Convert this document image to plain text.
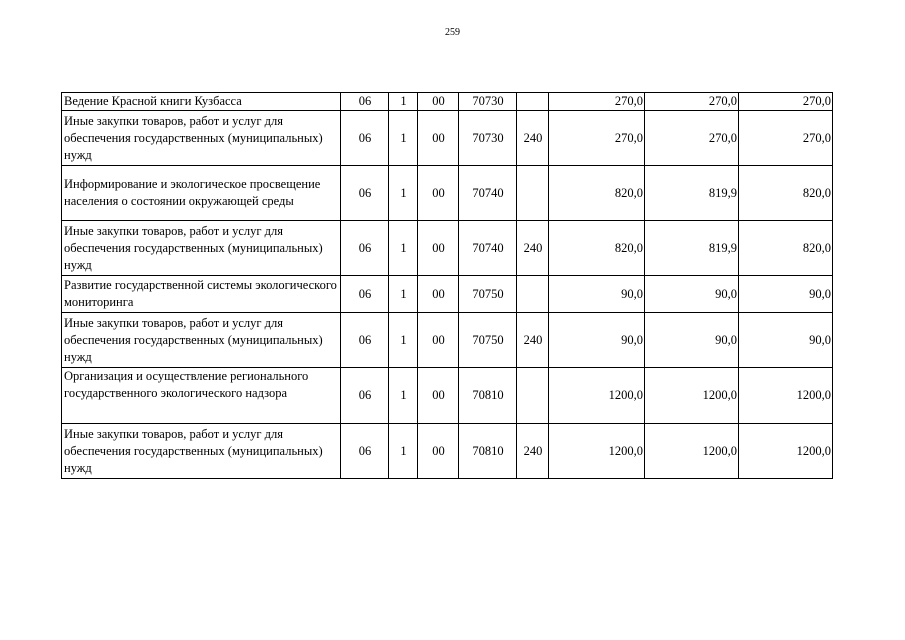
259
Ведение Красной книги Кузбасса	06	1	00	70730		270,0	270,0	270,0
Иные закупки товаров, работ и услуг для обеспечения государственных (муниципальных) нужд	06	1	00	70730	240	270,0	270,0	270,0
Информирование и экологическое просвещение населения о состоянии окружающей среды	06	1	00	70740		820,0	819,9	820,0
Иные закупки товаров, работ и услуг для обеспечения государственных (муниципальных) нужд	06	1	00	70740	240	820,0	819,9	820,0
Развитие государственной системы экологического мониторинга	06	1	00	70750		90,0	90,0	90,0
Иные закупки товаров, работ и услуг для обеспечения государственных (муниципальных) нужд	06	1	00	70750	240	90,0	90,0	90,0
Организация и осуществление регионального государственного экологического надзора	06	1	00	70810		1200,0	1200,0	1200,0
Иные закупки товаров, работ и услуг для обеспечения государственных (муниципальных) нужд	06	1	00	70810	240	1200,0	1200,0	1200,0
